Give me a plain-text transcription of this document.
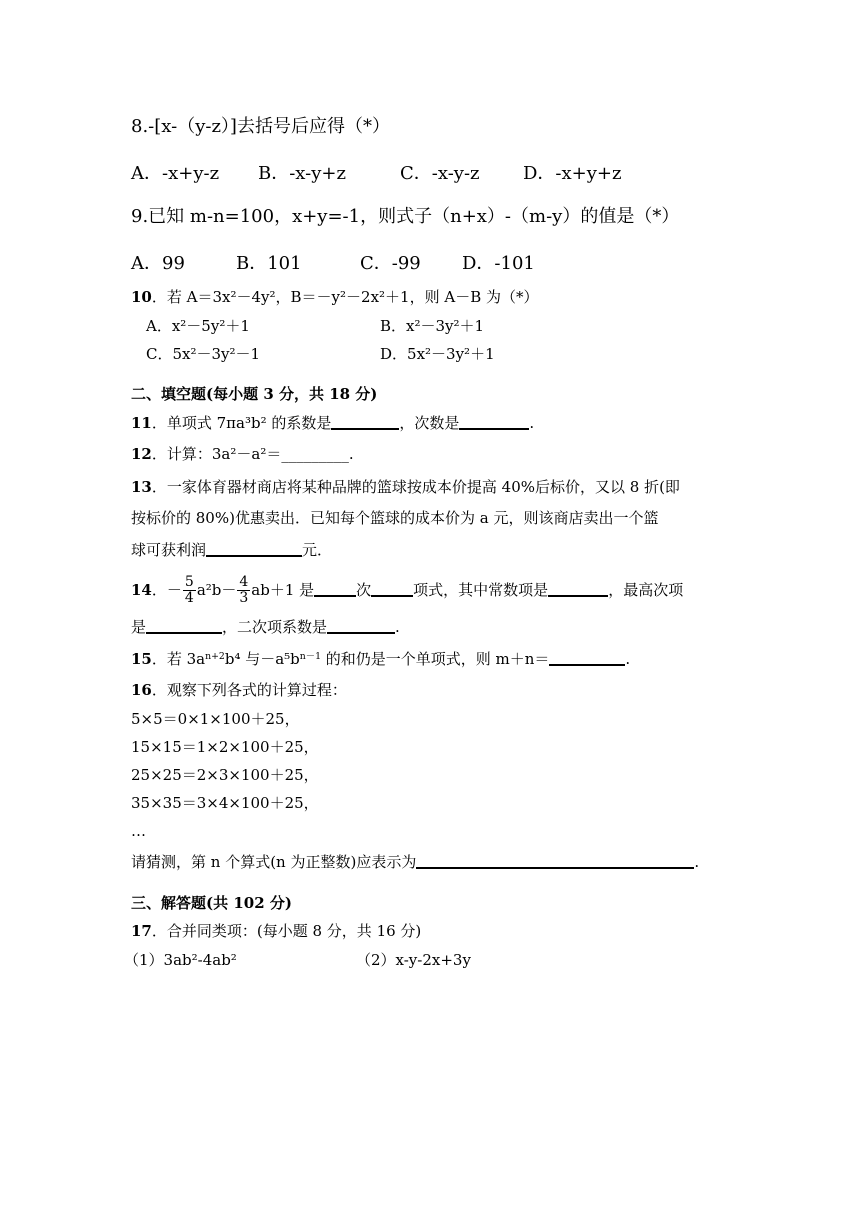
8.-[x-（y-z）]去括号后应得（*）
A．-x+y-z B．-x-y+z	C．-x-y-z D．-x+y+z
9.已知 m-n=100，x+y=-1，则式子（n+x）-（m-y）的值是（*）
A．99	B．101	C．-99 D．-101
10．若 A＝3x²－4y²，B＝－y²－2x²＋1，则 A－B 为（*）
A．x²－5y²＋1	B．x²－3y²＋1
C．5x²－3y²－1	D．5x²－3y²＋1
二、填空题(每小题 3 分，共 18 分)
11．单项式 7πa³b² 的系数是	，次数是	.
12．计算：3a²－a²＝_________.
13．一家体育器材商店将某种品牌的篮球按成本价提高 40%后标价，又以 8 折(即
按标价的 80%)优惠卖出．已知每个篮球的成本价为 a 元，则该商店卖出一个篮
球可获利润	元．
14．－ $\frac{5}{4} a^2b- \frac{4}{3} ab+1$ 是	次	项式，其中常数项是	，最高次项
是	，二次项系数是	.
15．若 $3a^{n+2}b^4$ 与$-a^5b^{n-1}$ 的和仍是一个单项式，则 m＋n＝	.
16．观察下列各式的计算过程：
5×5＝0×1×100＋25，
15×15＝1×2×100＋25，
25×25＝2×3×100＋25，
35×35＝3×4×100＋25，
…
请猜测，第 n 个算式(n 为正整数)应表示为	.
三、解答题(共 102 分)
17．合并同类项：(每小题 8 分，共 16 分)
（1）3ab²-4ab²	（2）x-y-2x+3y
